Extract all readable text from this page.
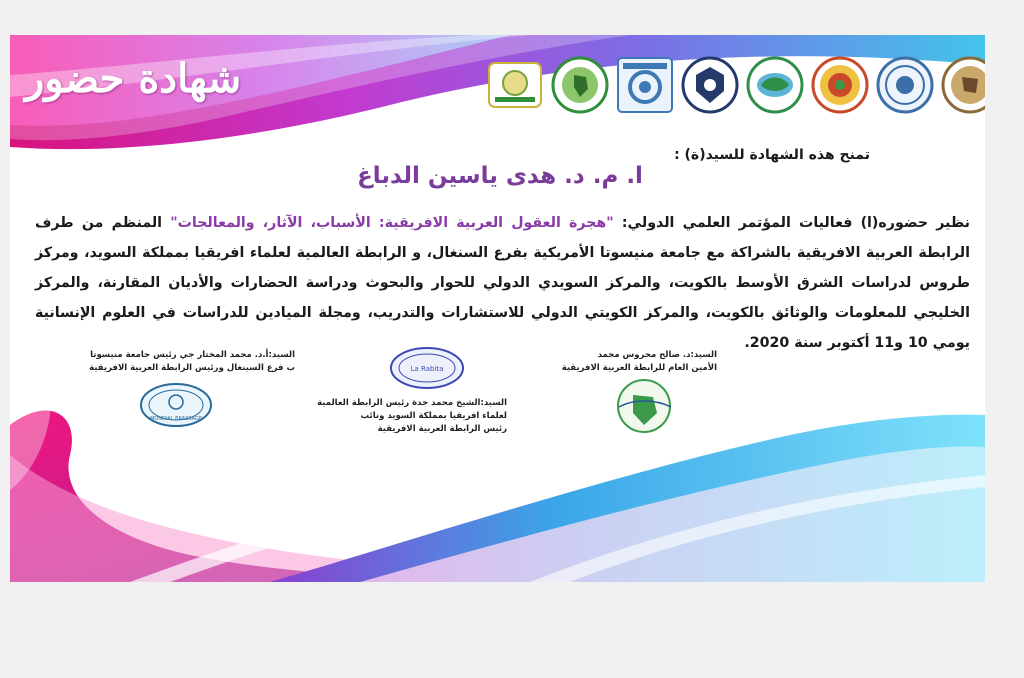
شهادة حضور
تمنح هذه الشهادة للسيد(ة) :
ا. م. د. هدى ياسين الدباغ
نظير حضوره(ا) فعاليات المؤتمر العلمي الدولي: "هجرة العقول العربية الافريقية: الأسباب، الآثار، والمعالجات" المنظم من طرف الرابطة العربية الافريقية بالشراكة مع جامعة منيسوتا الأمريكية بفرع السنغال، و الرابطة العالمية لعلماء افريقيا بمملكة السويد، ومركز طروس لدراسات الشرق الأوسط بالكويت، والمركز السويدي الدولي للحوار والبحوث ودراسة الحضارات والأديان المقارنة، والمركز الخليجي للمعلومات والوثائق بالكويت، والمركز الكويتي الدولي للاستشارات والتدريب، ومجلة الميادين للدراسات في العلوم الإنسانية يومي 10 و11 أكتوبر سنة 2020.
السيد:أ.د. محمد المختار جي رئيس جامعة منيسوتا
ب فرع السينغال ورئيس الرابطة العربية الافريقية
MONDIAL BRASSAGE
La Rabita
السيد:الشيخ محمد جدة رئيس الرابطة العالمية
لعلماء افريقيا بمملكة السويد ونائب
رئيس الرابطة العربية الافريقية
السيد:د. صالح محروس محمد
الأمين العام للرابطة العربية الافريقية
